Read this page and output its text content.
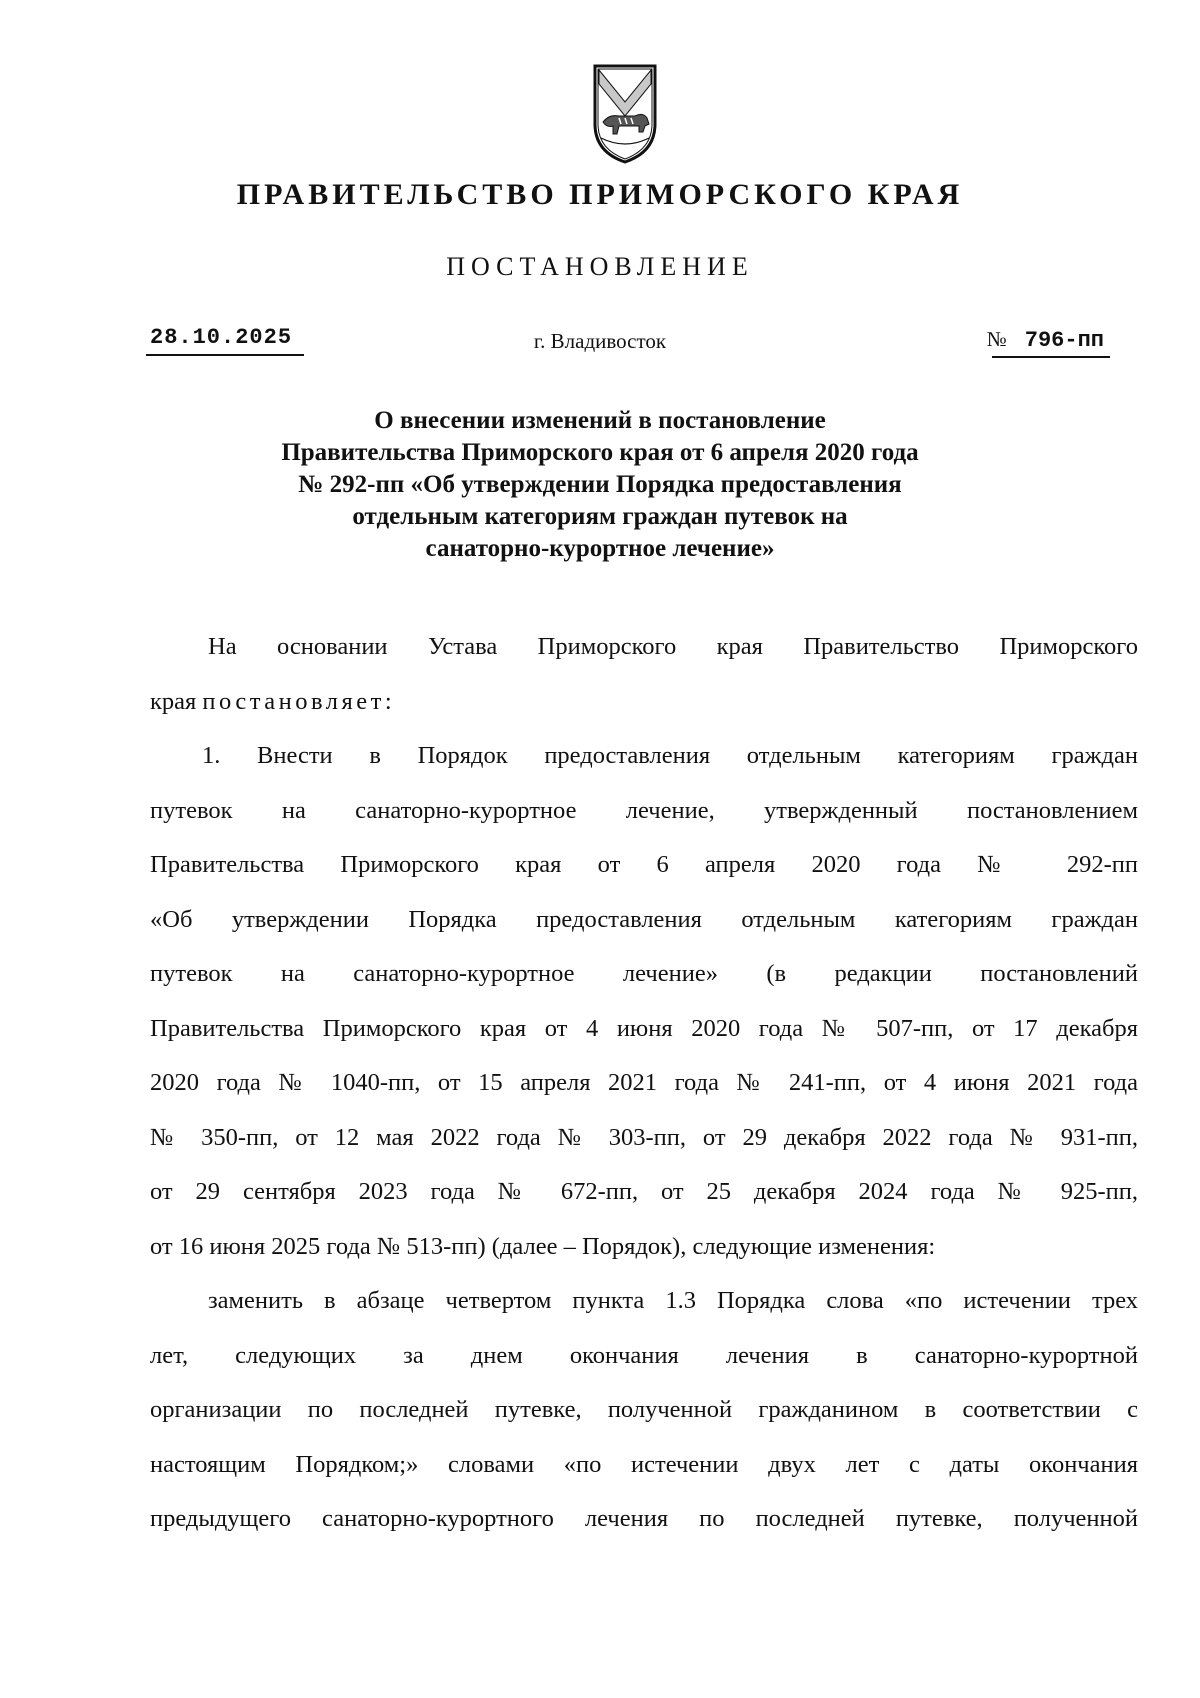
ПРАВИТЕЛЬСТВО ПРИМОРСКОГО КРАЯ
ПОСТАНОВЛЕНИЕ
28.10.2025	г. Владивосток	№ 796-пп
О внесении изменений в постановление
Правительства Приморского края от 6 апреля 2020 года
№ 292-пп «Об утверждении Порядка предоставления
отдельным категориям граждан путевок на
санаторно-курортное лечение»
На основании Устава Приморского края Правительство Приморского
края постановляет:
1. Внести в Порядок предоставления отдельным категориям граждан
путевок на санаторно-курортное лечение, утвержденный постановлением
Правительства Приморского края от 6 апреля 2020 года № 292-пп
«Об утверждении Порядка предоставления отдельным категориям граждан
путевок на санаторно-курортное лечение» (в редакции постановлений
Правительства Приморского края от 4 июня 2020 года № 507-пп, от 17 декабря
2020 года № 1040-пп, от 15 апреля 2021 года № 241-пп, от 4 июня 2021 года
№ 350-пп, от 12 мая 2022 года № 303-пп, от 29 декабря 2022 года № 931-пп,
от 29 сентября 2023 года № 672-пп, от 25 декабря 2024 года № 925-пп,
от 16 июня 2025 года № 513-пп) (далее – Порядок), следующие изменения:
заменить в абзаце четвертом пункта 1.3 Порядка слова «по истечении трех
лет, следующих за днем окончания лечения в санаторно-курортной
организации по последней путевке, полученной гражданином в соответствии с
настоящим Порядком;» словами «по истечении двух лет с даты окончания
предыдущего санаторно-курортного лечения по последней путевке, полученной
